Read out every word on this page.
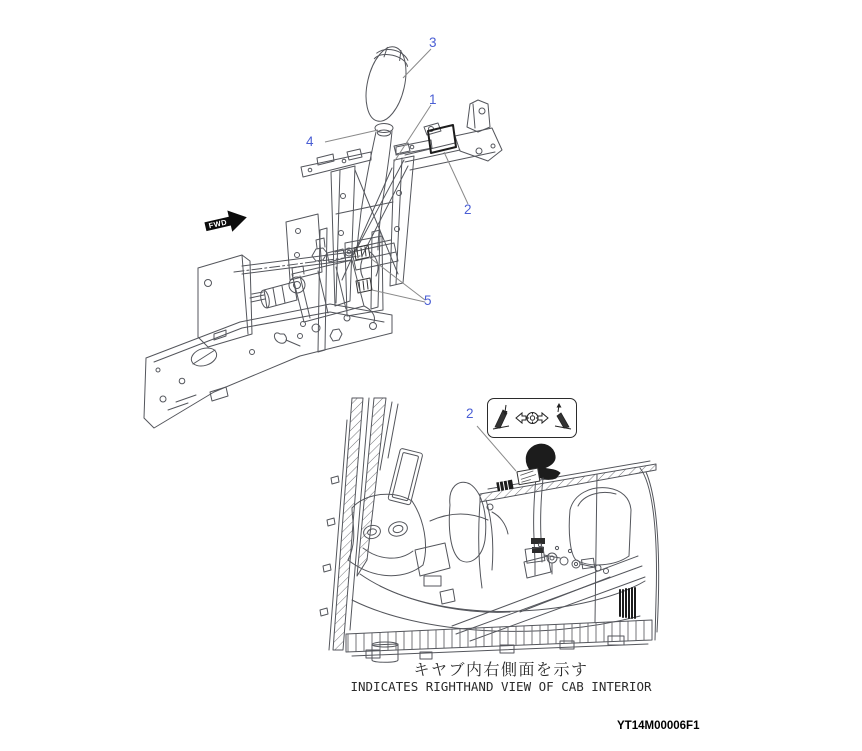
FWD
3
1
4
2
5
2
キヤブ内右側面を示す
INDICATES RIGHTHAND VIEW OF CAB INTERIOR
YT14M00006F1
